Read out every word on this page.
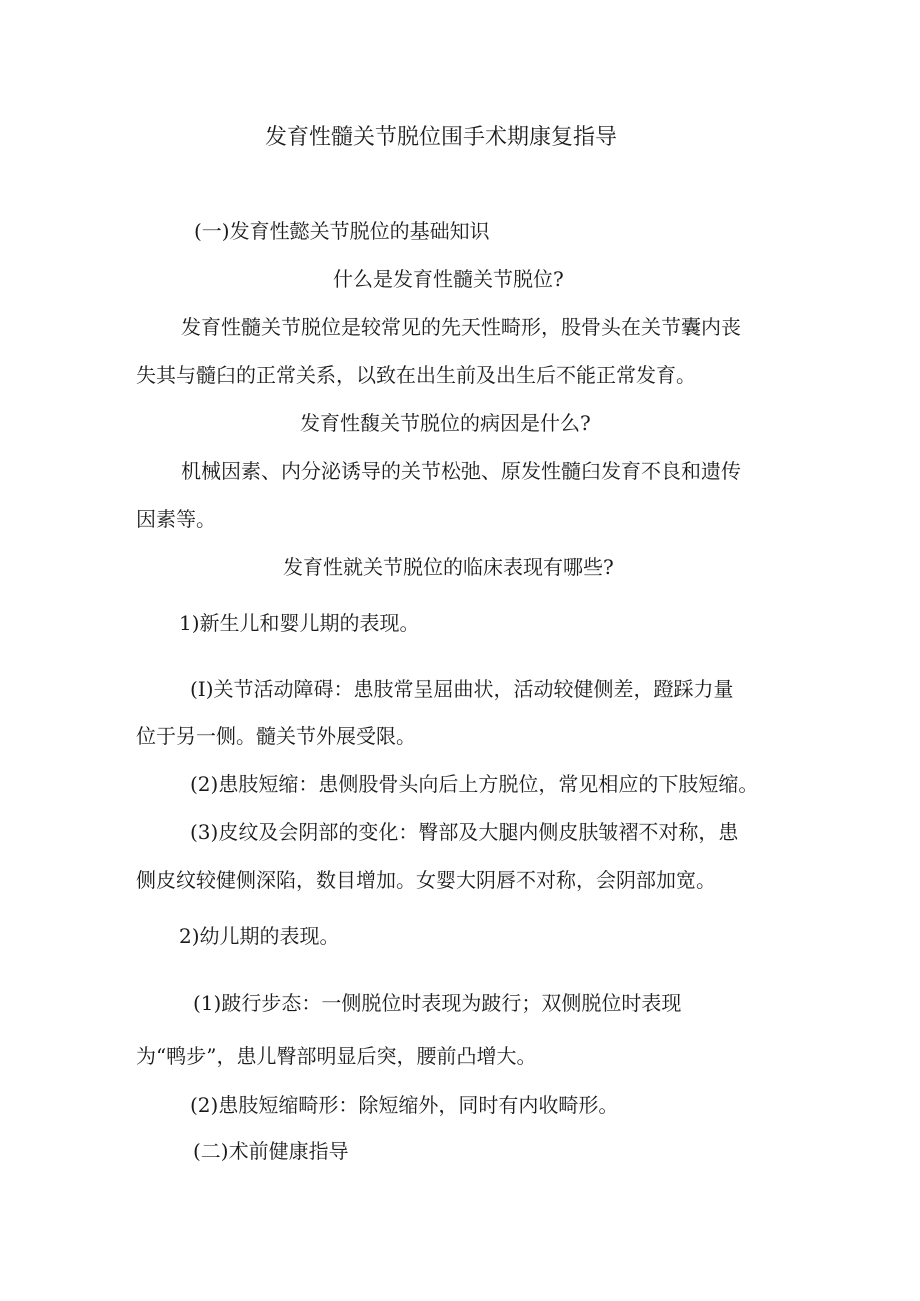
发育性髓关节脱位围手术期康复指导
(一)发育性懿关节脱位的基础知识
什么是发育性髓关节脱位?
发育性髓关节脱位是较常见的先天性畸形，股骨头在关节囊内丧
失其与髓臼的正常关系，以致在出生前及出生后不能正常发育。
发育性馥关节脱位的病因是什么?
机械因素、内分泌诱导的关节松弛、原发性髓臼发育不良和遗传
因素等。
发育性就关节脱位的临床表现有哪些?
1)新生儿和婴儿期的表现。
(I)关节活动障碍：患肢常呈屈曲状，活动较健侧差，蹬踩力量
位于另一侧。髓关节外展受限。
(2)患肢短缩：患侧股骨头向后上方脱位，常见相应的下肢短缩。
(3)皮纹及会阴部的变化：臀部及大腿内侧皮肤皱褶不对称，患
侧皮纹较健侧深陷，数目增加。女婴大阴唇不对称，会阴部加宽。
2)幼儿期的表现。
(1)跛行步态：一侧脱位时表现为跛行；双侧脱位时表现
为“鸭步”，患儿臀部明显后突，腰前凸增大。
(2)患肢短缩畸形：除短缩外，同时有内收畸形。
(二)术前健康指导
